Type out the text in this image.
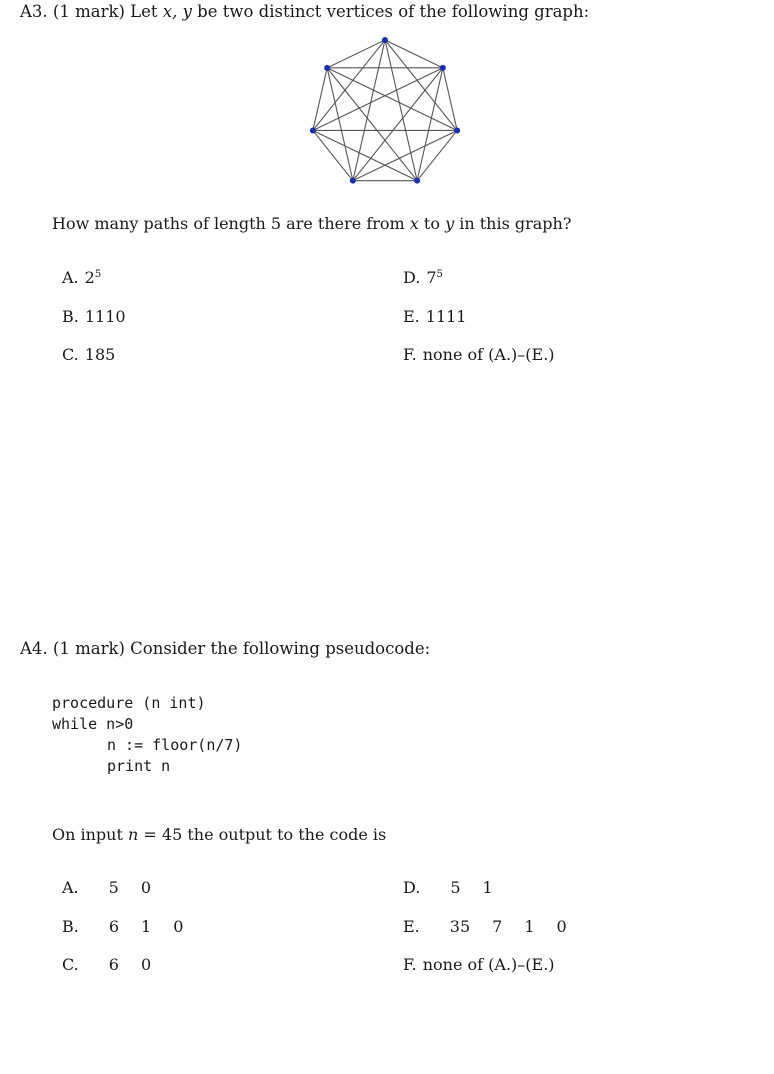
A3. (1 mark) Let x, y be two distinct vertices of the following graph:
How many paths of length 5 are there from x to y in this graph?
A. $2^5$
B. 1110
C. 185
D. $7^5$
E. 1111
F. none of (A.)–(E.)
A4. (1 mark) Consider the following pseudocode:
procedure (n int)
while n>0
n := floor(n/7)
print n
On input n = 45 the output to the code is
A. 5 0
B. 6 1 0
C. 6 0
D. 5 1
E. 35 7 1 0
F. none of (A.)–(E.)
